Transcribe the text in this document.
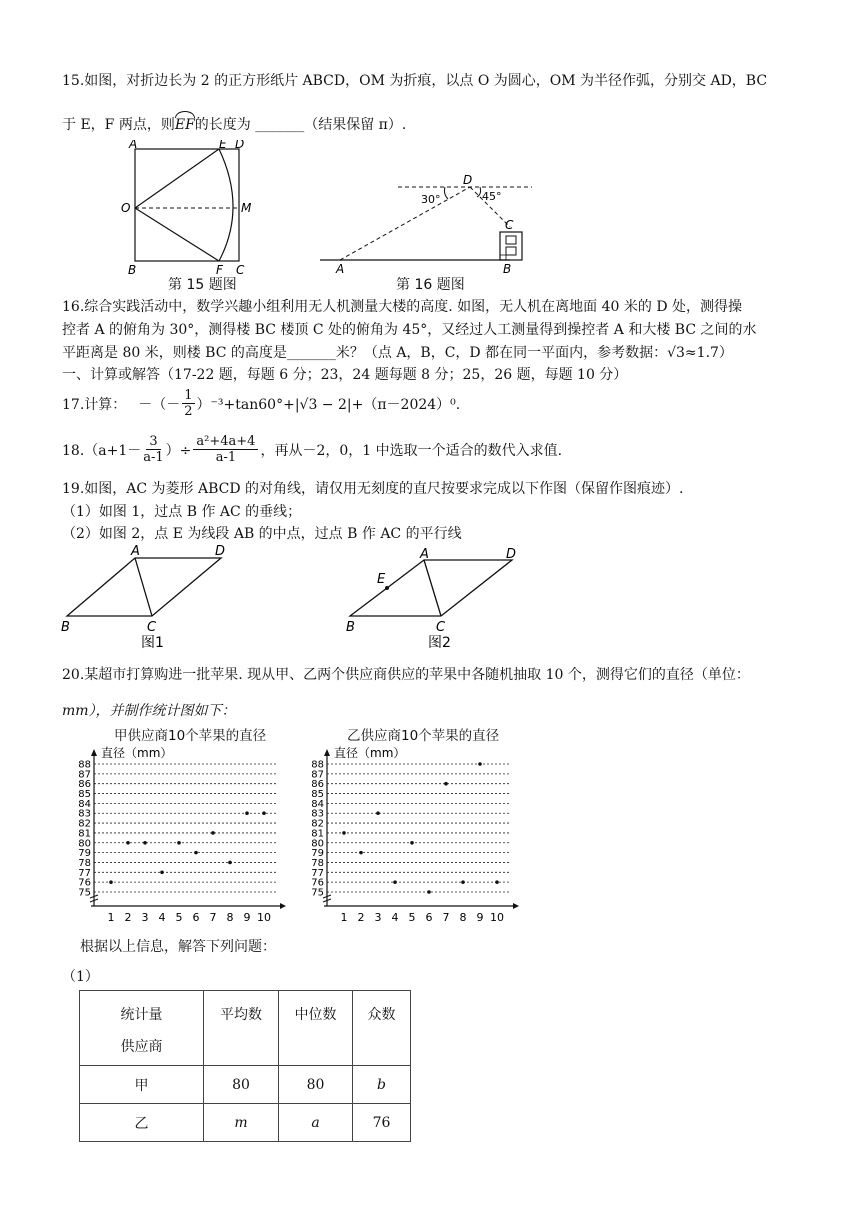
15.如图，对折边长为 2 的正方形纸片 ABCD，OM 为折痕，以点 O 为圆心，OM 为半径作弧，分别交 AD，BC
于 E，F 两点，则
EF的长度为 _______（结果保留 π）.
A	E D
O	M
B	F C
第 15 题图
D
30°	45°
C
A	B
第 16 题图
16.综合实践活动中，数学兴趣小组利用无人机测量大楼的高度. 如图，无人机在离地面 40 米的 D 处，测得操
控者 A 的俯角为 30°，测得楼 BC 楼顶 C 处的俯角为 45°，又经过人工测量得到操控者 A 和大楼 BC 之间的水
平距离是 80 米，则楼 BC 的高度是_______米？（点 A，B，C，D 都在同一平面内，参考数据：√3≈1.7）
一、计算或解答（17-22 题，每题 6 分；23，24 题每题 8 分；25，26 题，每题 10 分）
17.计算： －（－
1
2 ）⁻³+tan60°+|√3 − 2|+（π－2024）⁰.
18.（a+1－
3
a-1 ）÷ $\frac{\text{a²+4a+4}}{a-1}$ ，再从－2，0，1 中选取一个适合的数代入求值.
19.如图，AC 为菱形 ABCD 的对角线，请仅用无刻度的直尺按要求完成以下作图（保留作图痕迹）.
（1）如图 1，过点 B 作 AC 的垂线；
（2）如图 2，点 E 为线段 AB 的中点，过点 B 作 AC 的平行线
A	D
B	C
图1
A	D
E
B	C
图2
20.某超市打算购进一批苹果. 现从甲、乙两个供应商供应的苹果中各随机抽取 10 个，测得它们的直径（单位：
mm），并制作统计图如下：
甲供应商10个苹果的直径	乙供应商10个苹果的直径
直径（mm）
75
76
77
78
79
80
81
82
83
84
85
86
87
88
1 2 3 4 5 6 7 8 9 10
直径（mm）
75
76
77
78
79
80
81
82
83
84
85
86
87
88
1 2 3 4 5 6 7 8 9 10
根据以上信息，解答下列问题：
（1）
统计量
供应商	平均数	中位数	众数

甲	80	80	b
乙	m	a	76
